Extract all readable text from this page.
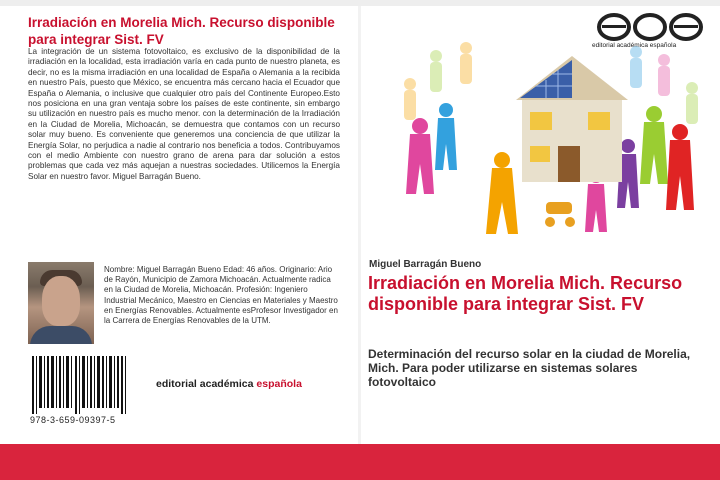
Irradiación en Morelia Mich. Recurso disponible para integrar Sist. FV

La integración de un sistema fotovoltaico, es exclusivo de la disponibilidad de la irradiación en la localidad, esta irradiación varía en cada punto de nuestro planeta, es decir, no es la misma irradiación en una localidad de España o Alemania a la recibida en nuestro País, puesto que México, se encuentra más cercano hacia el Ecuador que España o Alemania, o inclusive que cualquier otro país del Continente Europeo.Esto nos posiciona en una gran ventaja sobre los países de este continente, sin embargo su utilización en nuestro país es mucho menor. con la determinación de la Irradiación en la Ciudad de Morelia, Michoacán, se demuestra que contamos con un recurso solar muy bueno. Es conveniente que generemos una conciencia de que utilizar la Energía Solar, no perjudica a nadie al contrario nos beneficia a todos. Contribuyamos con el medio Ambiente con nuestro grano de arena para dar solución a estos problemas que cada vez más aquejan a nuestras sociedades. Utilicemos la Energía Solar en nuestro favor. Miguel Barragán Bueno.

Nombre: Miguel Barragán Bueno Edad: 46 años. Originario: Ario de Rayón, Municipio de Zamora Michoacán. Actualmente radica en la Ciudad de Morelia, Michoacán. Profesión: Ingeniero Industrial Mecánico, Maestro en Ciencias en Materiales y Maestro en Energías Renovables. Actualmente esProfesor Investigador en la Carrera de Energías Renovables de la UTM.

978-3-659-09397-5
editorial académica española
editorial académica española
Miguel Barragán Bueno
Irradiación en Morelia Mich. Recurso disponible para integrar Sist. FV

Determinación del recurso solar en la ciudad de Morelia, Mich. Para poder utilizarse en sistemas solares fotovoltaico
